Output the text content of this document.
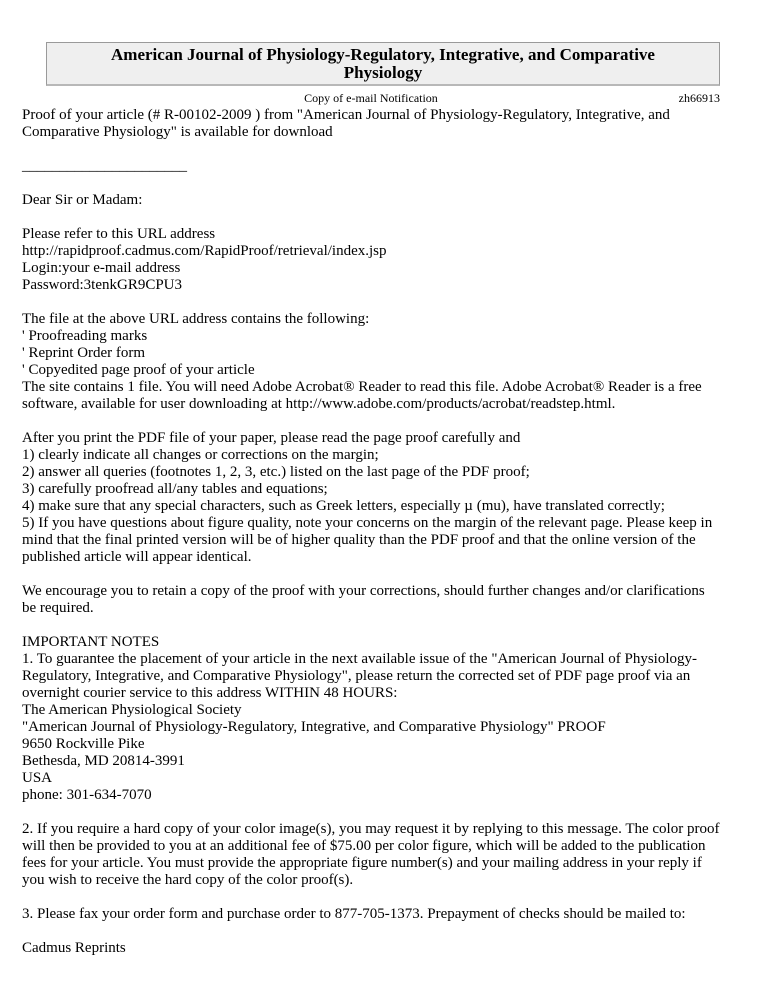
American Journal of Physiology-Regulatory, Integrative, and Comparative Physiology
Copy of e-mail Notification	zh66913

Proof of your article (# R-00102-2009 ) from "American Journal of Physiology-Regulatory, Integrative, and Comparative Physiology" is available for download

______________________

Dear Sir or Madam:

Please refer to this URL address

http://rapidproof.cadmus.com/RapidProof/retrieval/index.jsp

Login:your e-mail address

Password:3tenkGR9CPU3

The file at the above URL address contains the following:

' Proofreading marks

' Reprint Order form

' Copyedited page proof of your article

The site contains 1 file. You will need Adobe Acrobat® Reader to read this file. Adobe Acrobat® Reader is a free software, available for user downloading at http://www.adobe.com/products/acrobat/readstep.html.

After you print the PDF file of your paper, please read the page proof carefully and

1) clearly indicate all changes or corrections on the margin;

2) answer all queries (footnotes 1, 2, 3, etc.) listed on the last page of the PDF proof;

3) carefully proofread all/any tables and equations;

4) make sure that any special characters, such as Greek letters, especially µ (mu), have translated correctly;

5) If you have questions about figure quality, note your concerns on the margin of the relevant page. Please keep in mind that the final printed version will be of higher quality than the PDF proof and that the online version of the published article will appear identical.

We encourage you to retain a copy of the proof with your corrections, should further changes and/or clarifications be required.

IMPORTANT NOTES

1. To guarantee the placement of your article in the next available issue of the "American Journal of Physiology-Regulatory, Integrative, and Comparative Physiology", please return the corrected set of PDF page proof via an overnight courier service to this address WITHIN 48 HOURS:

The American Physiological Society

"American Journal of Physiology-Regulatory, Integrative, and Comparative Physiology" PROOF

9650 Rockville Pike

Bethesda, MD 20814-3991

USA

phone: 301-634-7070

2. If you require a hard copy of your color image(s), you may request it by replying to this message. The color proof will then be provided to you at an additional fee of $75.00 per color figure, which will be added to the publication fees for your article. You must provide the appropriate figure number(s) and your mailing address in your reply if you wish to receive the hard copy of the color proof(s).

3. Please fax your order form and purchase order to 877-705-1373. Prepayment of checks should be mailed to:

Cadmus Reprints
